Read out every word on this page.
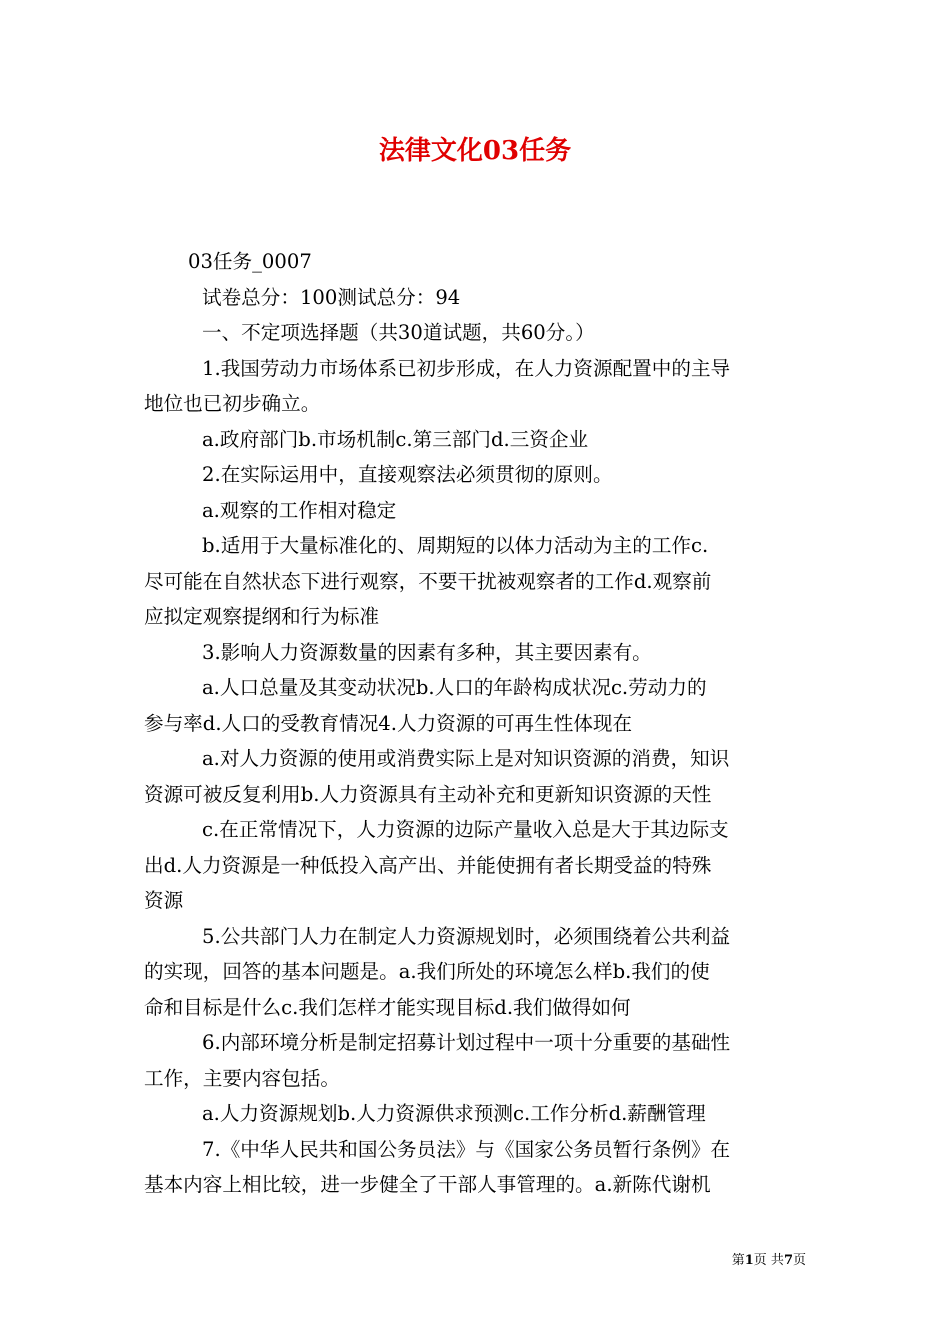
法律文化03任务
03任务_0007
试卷总分：100测试总分：94
一、不定项选择题（共30道试题，共60分。）
1.我国劳动力市场体系已初步形成，在人力资源配置中的主导
地位也已初步确立。
a.政府部门b.市场机制c.第三部门d.三资企业
2.在实际运用中，直接观察法必须贯彻的原则。
a.观察的工作相对稳定
b.适用于大量标准化的、周期短的以体力活动为主的工作c.
尽可能在自然状态下进行观察，不要干扰被观察者的工作d.观察前
应拟定观察提纲和行为标准
3.影响人力资源数量的因素有多种，其主要因素有。
a.人口总量及其变动状况b.人口的年龄构成状况c.劳动力的
参与率d.人口的受教育情况4.人力资源的可再生性体现在
a.对人力资源的使用或消费实际上是对知识资源的消费，知识
资源可被反复利用b.人力资源具有主动补充和更新知识资源的天性
c.在正常情况下，人力资源的边际产量收入总是大于其边际支
出d.人力资源是一种低投入高产出、并能使拥有者长期受益的特殊
资源
5.公共部门人力在制定人力资源规划时，必须围绕着公共利益
的实现，回答的基本问题是。a.我们所处的环境怎么样b.我们的使
命和目标是什么c.我们怎样才能实现目标d.我们做得如何
6.内部环境分析是制定招募计划过程中一项十分重要的基础性
工作，主要内容包括。
a.人力资源规划b.人力资源供求预测c.工作分析d.薪酬管理
7.《中华人民共和国公务员法》与《国家公务员暂行条例》在
基本内容上相比较，进一步健全了干部人事管理的。a.新陈代谢机
第1页 共7页
